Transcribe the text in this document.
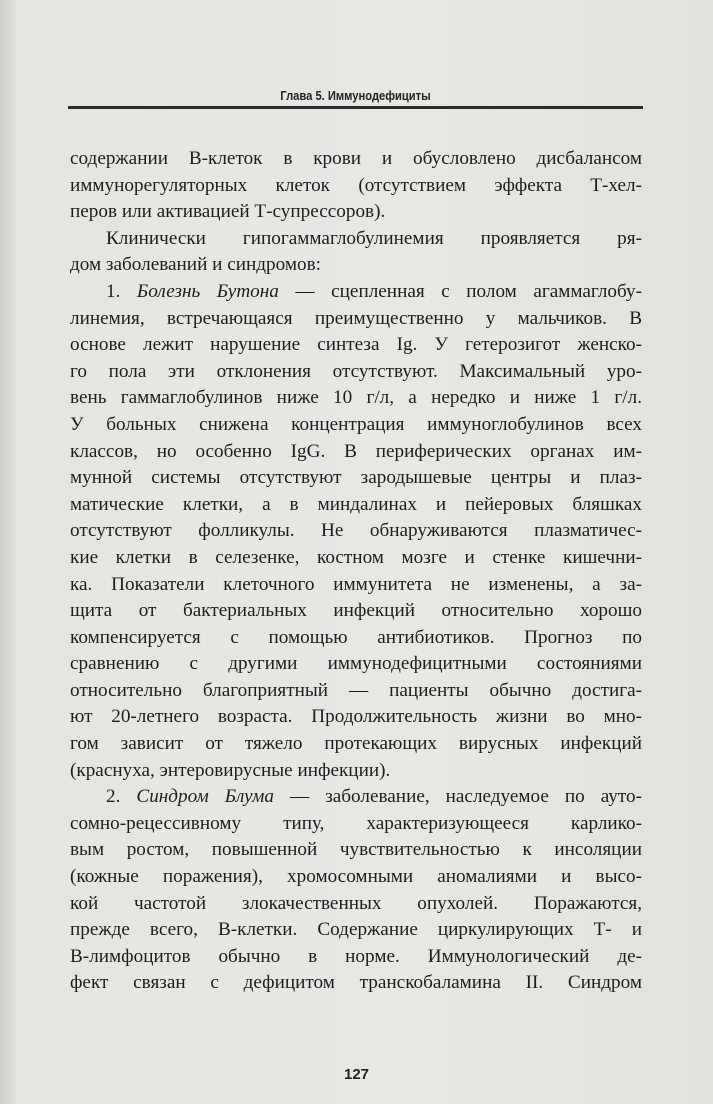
Глава 5. Иммунодефициты
содержании В-клеток в крови и обусловлено дисбалансом
иммунорегуляторных клеток (отсутствием эффекта Т-хел-
перов или активацией Т-супрессоров).
Клинически гипогаммаглобулинемия проявляется ря-
дом заболеваний и синдромов:
1. Болезнь Бутона — сцепленная с полом агаммаглобу-
линемия, встречающаяся преимущественно у мальчиков. В
основе лежит нарушение синтеза Ig. У гетерозигот женско-
го пола эти отклонения отсутствуют. Максимальный уро-
вень гаммаглобулинов ниже 10 г/л, а нередко и ниже 1 г/л.
У больных снижена концентрация иммуноглобулинов всех
классов, но особенно IgG. В периферических органах им-
мунной системы отсутствуют зародышевые центры и плаз-
матические клетки, а в миндалинах и пейеровых бляшках
отсутствуют фолликулы. Не обнаруживаются плазматичес-
кие клетки в селезенке, костном мозге и стенке кишечни-
ка. Показатели клеточного иммунитета не изменены, а за-
щита от бактериальных инфекций относительно хорошо
компенсируется с помощью антибиотиков. Прогноз по
сравнению с другими иммунодефицитными состояниями
относительно благоприятный — пациенты обычно достига-
ют 20-летнего возраста. Продолжительность жизни во мно-
гом зависит от тяжело протекающих вирусных инфекций
(краснуха, энтеровирусные инфекции).
2. Синдром Блума — заболевание, наследуемое по ауто-
сомно-рецессивному типу, характеризующееся карлико-
вым ростом, повышенной чувствительностью к инсоляции
(кожные поражения), хромосомными аномалиями и высо-
кой частотой злокачественных опухолей. Поражаются,
прежде всего, В-клетки. Содержание циркулирующих Т- и
В-лимфоцитов обычно в норме. Иммунологический де-
фект связан с дефицитом транскобаламина II. Синдром
127
